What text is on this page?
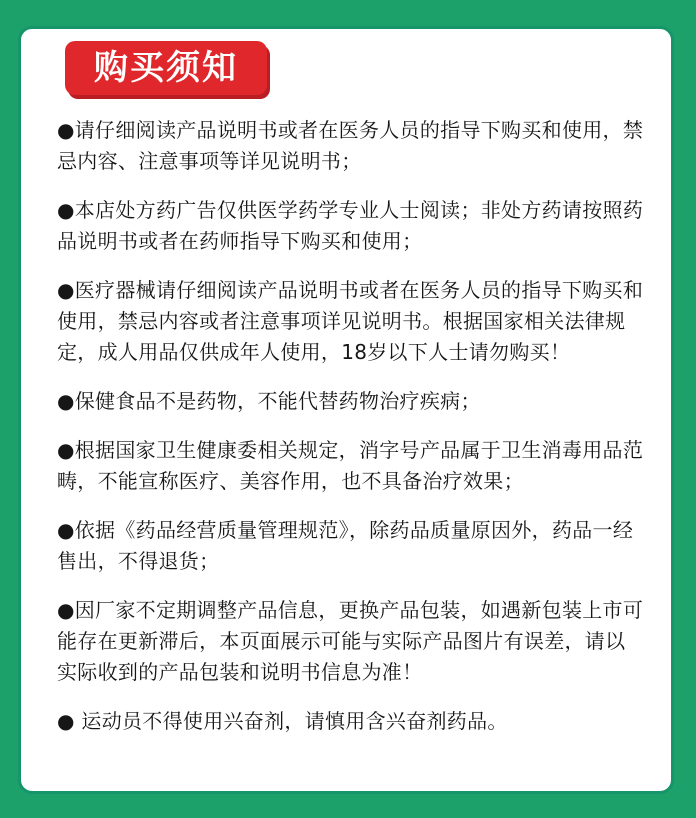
购买须知
●请仔细阅读产品说明书或者在医务人员的指导下购买和使用，禁忌内容、注意事项等详见说明书；
●本店处方药广告仅供医学药学专业人士阅读；非处方药请按照药品说明书或者在药师指导下购买和使用；
●医疗器械请仔细阅读产品说明书或者在医务人员的指导下购买和使用，禁忌内容或者注意事项详见说明书。根据国家相关法律规定，成人用品仅供成年人使用，18岁以下人士请勿购买！
●保健食品不是药物，不能代替药物治疗疾病；
●根据国家卫生健康委相关规定，消字号产品属于卫生消毒用品范畴，不能宣称医疗、美容作用，也不具备治疗效果；
●依据《药品经营质量管理规范》，除药品质量原因外，药品一经售出，不得退货；
●因厂家不定期调整产品信息，更换产品包装，如遇新包装上市可能存在更新滞后，本页面展示可能与实际产品图片有误差，请以实际收到的产品包装和说明书信息为准！
● 运动员不得使用兴奋剂，请慎用含兴奋剂药品。
